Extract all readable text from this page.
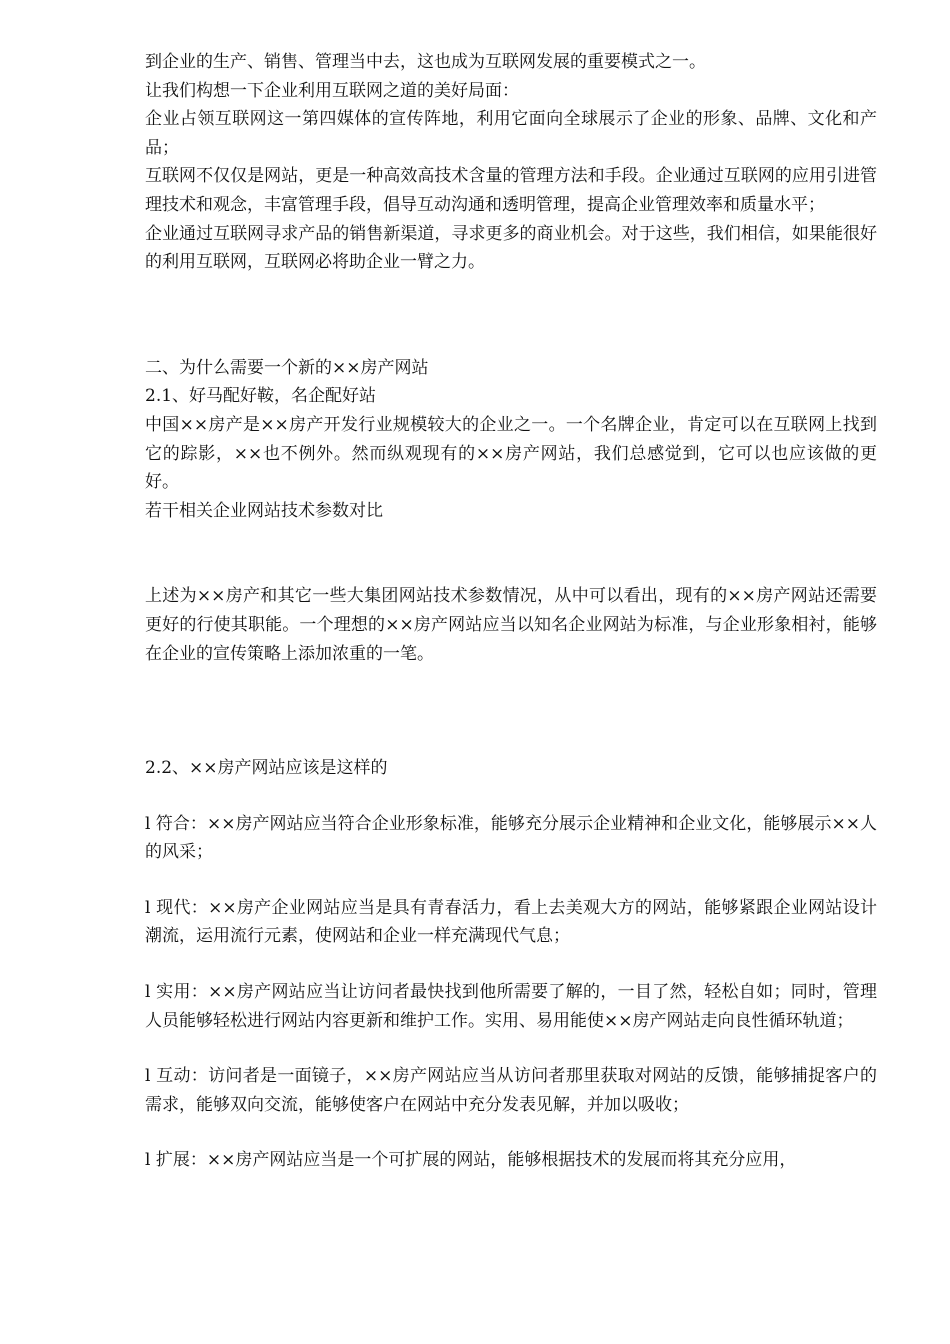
到企业的生产、销售、管理当中去，这也成为互联网发展的重要模式之一。

让我们构想一下企业利用互联网之道的美好局面：

企业占领互联网这一第四媒体的宣传阵地，利用它面向全球展示了企业的形象、品牌、文化和产品；

互联网不仅仅是网站，更是一种高效高技术含量的管理方法和手段。企业通过互联网的应用引进管理技术和观念，丰富管理手段，倡导互动沟通和透明管理，提高企业管理效率和质量水平；

企业通过互联网寻求产品的销售新渠道，寻求更多的商业机会。对于这些，我们相信，如果能很好的利用互联网，互联网必将助企业一臂之力。

二、为什么需要一个新的××房产网站

2.1、好马配好鞍，名企配好站

中国××房产是××房产开发行业规模较大的企业之一。一个名牌企业，肯定可以在互联网上找到它的踪影，××也不例外。然而纵观现有的××房产网站，我们总感觉到，它可以也应该做的更好。

若干相关企业网站技术参数对比

上述为××房产和其它一些大集团网站技术参数情况，从中可以看出，现有的××房产网站还需要更好的行使其职能。一个理想的××房产网站应当以知名企业网站为标准，与企业形象相衬，能够在企业的宣传策略上添加浓重的一笔。

2.2、××房产网站应该是这样的

l 符合：××房产网站应当符合企业形象标准，能够充分展示企业精神和企业文化，能够展示××人的风采；

l 现代：××房产企业网站应当是具有青春活力，看上去美观大方的网站，能够紧跟企业网站设计潮流，运用流行元素，使网站和企业一样充满现代气息；

l 实用：××房产网站应当让访问者最快找到他所需要了解的，一目了然，轻松自如；同时，管理人员能够轻松进行网站内容更新和维护工作。实用、易用能使××房产网站走向良性循环轨道；

l 互动：访问者是一面镜子，××房产网站应当从访问者那里获取对网站的反馈，能够捕捉客户的需求，能够双向交流，能够使客户在网站中充分发表见解，并加以吸收；

l 扩展：××房产网站应当是一个可扩展的网站，能够根据技术的发展而将其充分应用，
